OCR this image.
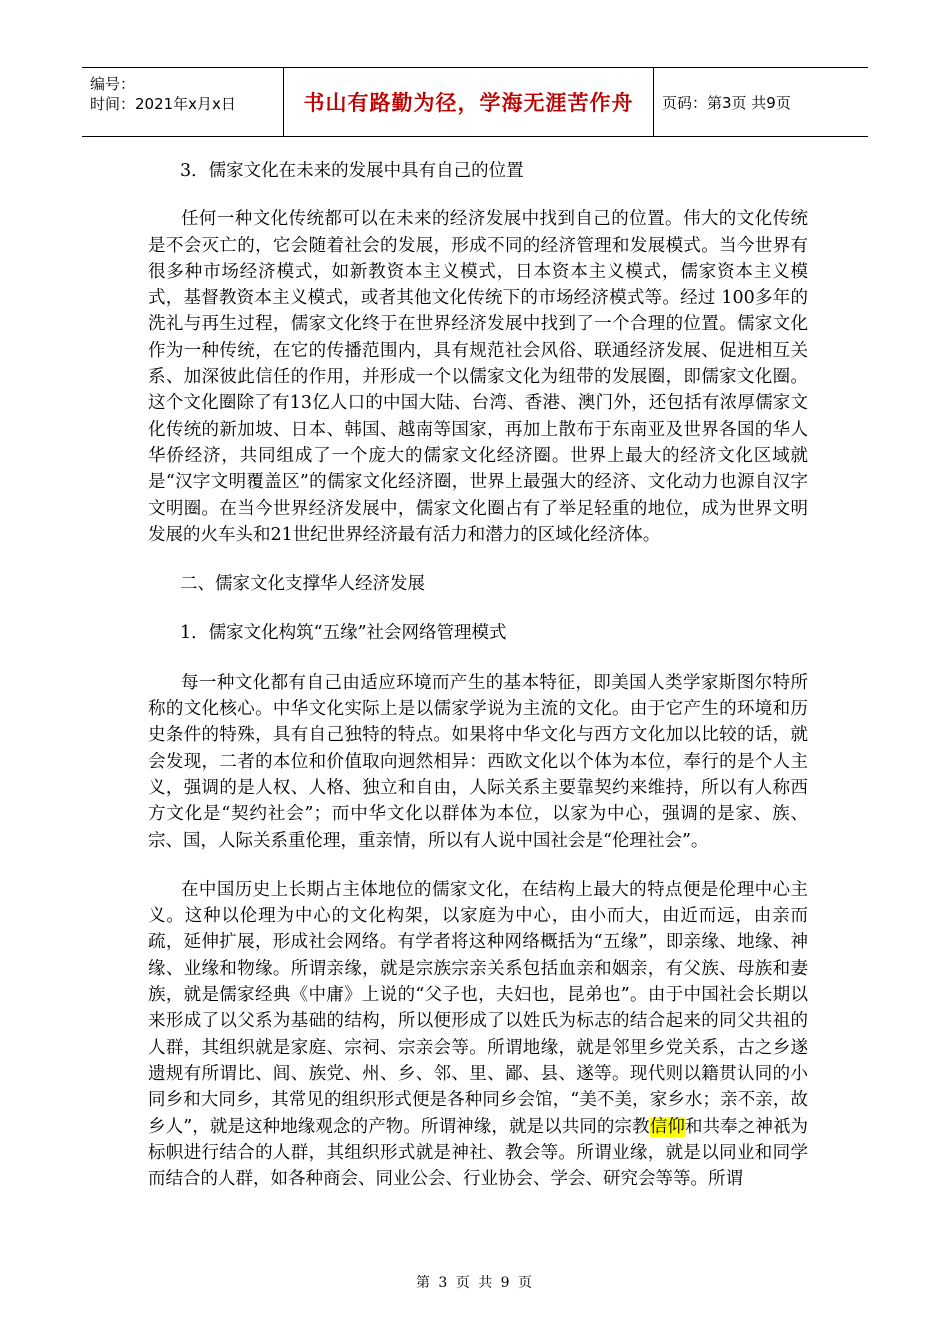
编号：
时间：2021年x月x日	书山有路勤为径，学海无涯苦作舟	页码：第3页 共9页

3．儒家文化在未来的发展中具有自己的位置

任何一种文化传统都可以在未来的经济发展中找到自己的位置。伟大的文化传统是不会灭亡的，它会随着社会的发展，形成不同的经济管理和发展模式。当今世界有很多种市场经济模式，如新教资本主义模式，日本资本主义模式，儒家资本主义模式，基督教资本主义模式，或者其他文化传统下的市场经济模式等。经过 100多年的洗礼与再生过程，儒家文化终于在世界经济发展中找到了一个合理的位置。儒家文化作为一种传统，在它的传播范围内，具有规范社会风俗、联通经济发展、促进相互关系、加深彼此信任的作用，并形成一个以儒家文化为纽带的发展圈，即儒家文化圈。这个文化圈除了有13亿人口的中国大陆、台湾、香港、澳门外，还包括有浓厚儒家文化传统的新加坡、日本、韩国、越南等国家，再加上散布于东南亚及世界各国的华人华侨经济，共同组成了一个庞大的儒家文化经济圈。世界上最大的经济文化区域就是“汉字文明覆盖区”的儒家文化经济圈，世界上最强大的经济、文化动力也源自汉字文明圈。在当今世界经济发展中，儒家文化圈占有了举足轻重的地位，成为世界文明发展的火车头和21世纪世界经济最有活力和潜力的区域化经济体。

二、儒家文化支撑华人经济发展

1．儒家文化构筑“五缘”社会网络管理模式

每一种文化都有自己由适应环境而产生的基本特征，即美国人类学家斯图尔特所称的文化核心。中华文化实际上是以儒家学说为主流的文化。由于它产生的环境和历史条件的特殊，具有自己独特的特点。如果将中华文化与西方文化加以比较的话，就会发现，二者的本位和价值取向迥然相异：西欧文化以个体为本位，奉行的是个人主义，强调的是人权、人格、独立和自由，人际关系主要靠契约来维持，所以有人称西方文化是“契约社会”；而中华文化以群体为本位，以家为中心，强调的是家、族、宗、国，人际关系重伦理，重亲情，所以有人说中国社会是“伦理社会”。

在中国历史上长期占主体地位的儒家文化，在结构上最大的特点便是伦理中心主义。这种以伦理为中心的文化构架，以家庭为中心，由小而大，由近而远，由亲而疏，延伸扩展，形成社会网络。有学者将这种网络概括为“五缘”，即亲缘、地缘、神缘、业缘和物缘。所谓亲缘，就是宗族宗亲关系包括血亲和姻亲，有父族、母族和妻族，就是儒家经典《中庸》上说的“父子也，夫妇也，昆弟也”。由于中国社会长期以来形成了以父系为基础的结构，所以便形成了以姓氏为标志的结合起来的同父共祖的人群，其组织就是家庭、宗祠、宗亲会等。所谓地缘，就是邻里乡党关系，古之乡遂遗规有所谓比、闾、族党、州、乡、邻、里、鄙、县、遂等。现代则以籍贯认同的小同乡和大同乡，其常见的组织形式便是各种同乡会馆，“美不美，家乡水；亲不亲，故乡人”，就是这种地缘观念的产物。所谓神缘，就是以共同的宗教信仰和共奉之神祇为标帜进行结合的人群，其组织形式就是神社、教会等。所谓业缘，就是以同业和同学而结合的人群，如各种商会、同业公会、行业协会、学会、研究会等等。所谓

第 3 页 共 9 页
